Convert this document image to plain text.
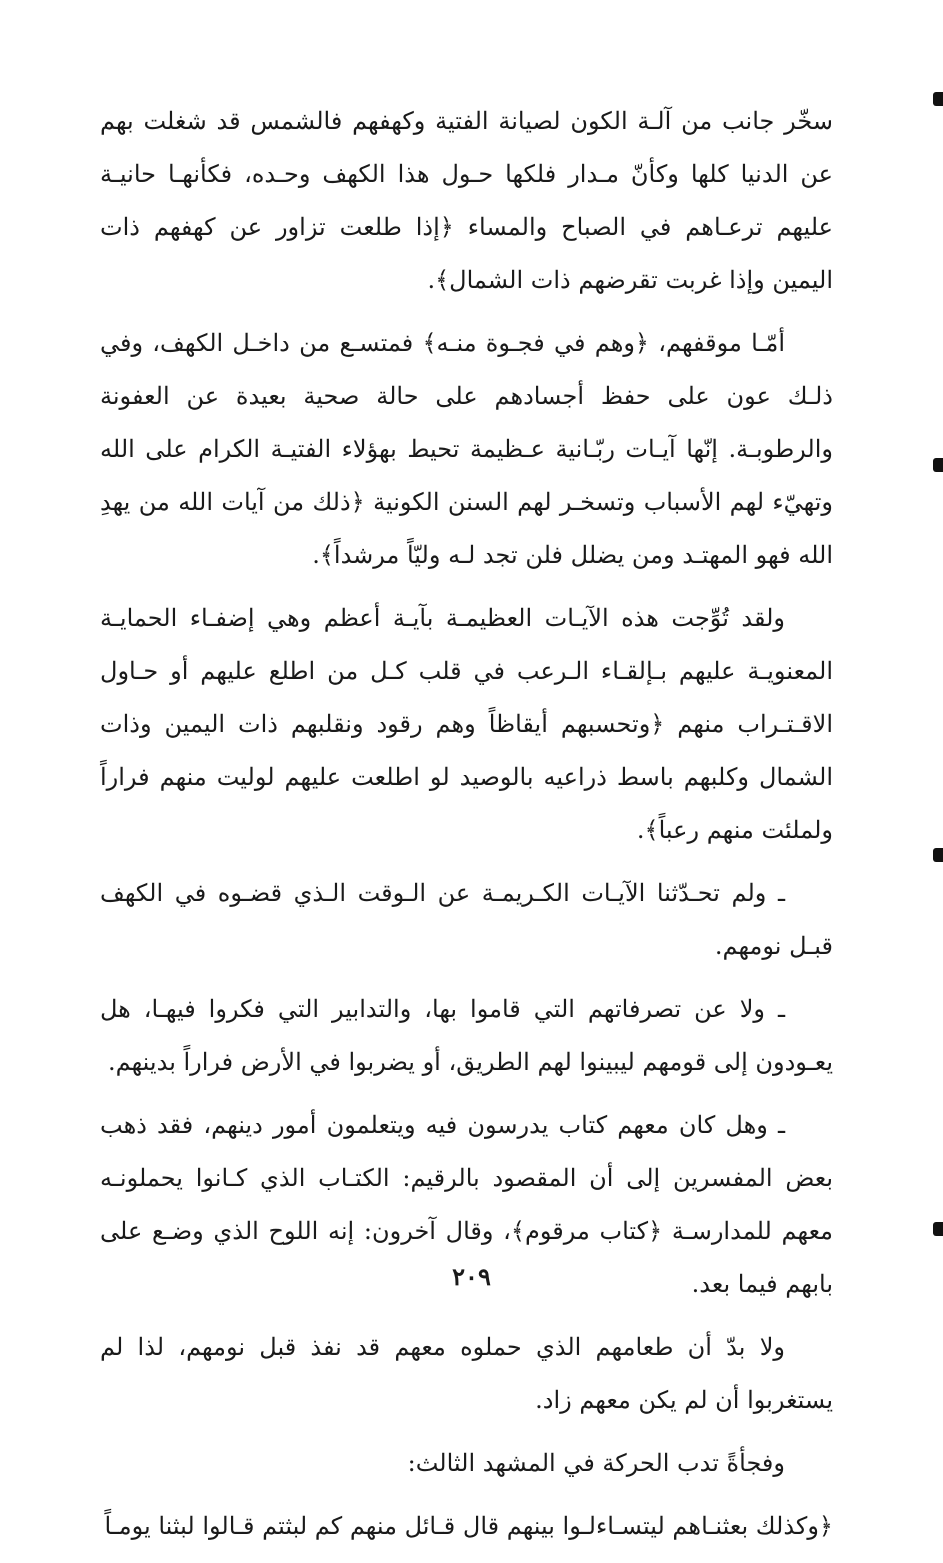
سخّر جانب من آلـة الكون لصيانة الفتية وكهفهم فالشمس قد شغلت بهم عن الدنيا كلها وكأنّ مـدار فلكها حـول هذا الكهف وحـده، فكأنهـا حانيـة عليهم ترعـاهم في الصباح والمساء ﴿إذا طلعت تزاور عن كهفهم ذات اليمين وإذا غربت تقرضهم ذات الشمال﴾.

أمّـا موقفهم، ﴿وهم في فجـوة منـه﴾ فمتسـع من داخـل الكهف، وفي ذلـك عون على حفظ أجسادهم على حالة صحية بعيدة عن العفونة والرطوبـة. إنّها آيـات ربّـانية عـظيمة تحيط بهؤلاء الفتيـة الكرام على الله وتهيّء لهم الأسباب وتسخـر لهم السنن الكونية ﴿ذلك من آيات الله من يهدِ الله فهو المهتـد ومن يضلل فلن تجد لـه وليّاً مرشداً﴾.

ولقد تُوِّجت هذه الآيـات العظيمـة بآيـة أعظم وهي إضفـاء الحمايـة المعنويـة عليهم بـإلقـاء الـرعب في قلب كـل من اطلع عليهم أو حـاول الاقـتـراب منهم ﴿وتحسبهم أيقاظاً وهم رقود ونقلبهم ذات اليمين وذات الشمال وكلبهم باسط ذراعيه بالوصيد لو اطلعت عليهم لوليت منهم فراراً ولملئت منهم رعباً﴾.

ـ ولم تحـدّثنا الآيـات الكـريمـة عن الـوقت الـذي قضـوه في الكهف قبـل نومهم.

ـ ولا عن تصرفاتهم التي قاموا بها، والتدابير التي فكروا فيهـا، هل يعـودون إلى قومهم ليبينوا لهم الطريق، أو يضربوا في الأرض فراراً بدينهم.

ـ وهل كان معهم كتاب يدرسون فيه ويتعلمون أمور دينهم، فقد ذهب بعض المفسرين إلى أن المقصود بالرقيم: الكتـاب الذي كـانوا يحملونـه معهم للمدارسـة ﴿كتاب مرقوم﴾، وقال آخرون: إنه اللوح الذي وضـع على بابهم فيما بعد.

ولا بدّ أن طعامهم الذي حملوه معهم قد نفذ قبل نومهم، لذا لم يستغربوا أن لم يكن معهم زاد.

وفجأةً تدب الحركة في المشهد الثالث:

﴿وكذلك بعثنـاهم ليتسـاءلـوا بينهم قال قـائل منهم كم لبثتم قـالوا لبثنا يومـاً

٢٠٩
